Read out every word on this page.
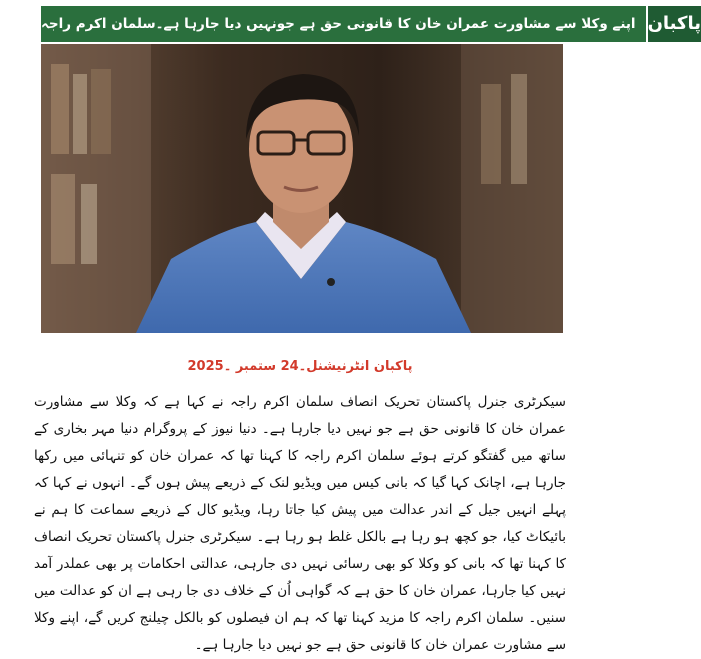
اپنے وکلا سے مشاورت عمران خان کا قانونی حق ہے جونہیں دیا جارہا ہے۔سلمان اکرم راجہ پاکبان
پاکبان انٹرنیشنل۔24 ستمبر ۔2025
سیکرٹری جنرل پاکستان تحریک انصاف سلمان اکرم راجہ نے کہا ہے کہ وکلا سے مشاورت عمران خان کا قانونی حق ہے جو نہیں دیا جارہا ہے۔ دنیا نیوز کے پروگرام دنیا مہر بخاری کے ساتھ میں گفتگو کرتے ہوئے سلمان اکرم راجہ کا کہنا تھا کہ عمران خان کو تنہائی میں رکھا جارہا ہے، اچانک کہا گیا کہ بانی کیس میں ویڈیو لنک کے ذریعے پیش ہوں گے۔ انہوں نے کہا کہ پہلے انہیں جیل کے اندر عدالت میں پیش کیا جاتا رہا، ویڈیو کال کے ذریعے سماعت کا ہم نے بائیکاٹ کیا، جو کچھ ہو رہا ہے بالکل غلط ہو رہا ہے۔ سیکرٹری جنرل پاکستان تحریک انصاف کا کہنا تھا کہ بانی کو وکلا کو بھی رسائی نہیں دی جارہی، عدالتی احکامات پر بھی عملدر آمد نہیں کیا جارہا، عمران خان کا حق ہے کہ گواہی اُن کے خلاف دی جا رہی ہے ان کو عدالت میں سنیں۔ سلمان اکرم راجہ کا مزید کہنا تھا کہ ہم ان فیصلوں کو بالکل چیلنج کریں گے، اپنے وکلا سے مشاورت عمران خان کا قانونی حق ہے جو نہیں دیا جارہا ہے۔
